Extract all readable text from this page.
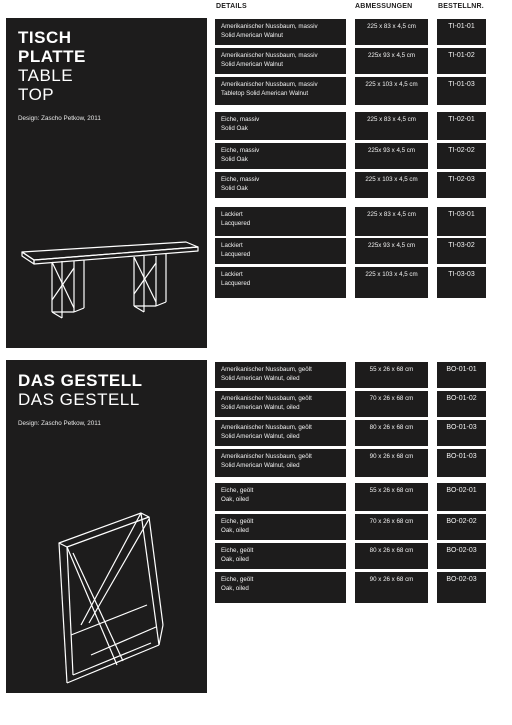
DETAILS	ABMESSUNGEN	BESTELLNR.
TISCH
PLATTE
TABLE
TOP
Design: Zascho Petkow, 2011
DAS GESTELL
DAS GESTELL
Design: Zascho Petkow, 2011
Amerikanischer Nussbaum, massiv
Solid American Walnut
225 x 83 x 4,5 cm	TI-01-01
Amerikanischer Nussbaum, massiv
Solid American Walnut
225x 93 x 4,5 cm	TI-01-02
Amerikanischer Nussbaum, massiv
Tabletop Solid American Walnut
225 x 103 x 4,5 cm	TI-01-03
Eiche, massiv
Solid Oak
225 x 83 x 4,5 cm	TI-02-01
Eiche, massiv
Solid Oak
225x 93 x 4,5 cm	TI-02-02
Eiche, massiv
Solid Oak
225 x 103 x 4,5 cm	TI-02-03
Lackiert
Lacquered
225 x 83 x 4,5 cm	TI-03-01
Lackiert
Lacquered
225x 93 x 4,5 cm	TI-03-02
Lackiert
Lacquered
225 x 103 x 4,5 cm	TI-03-03
Amerikanischer Nussbaum, geölt
Solid American Walnut, oiled
55 x 26 x 68 cm	BO-01-01
Amerikanischer Nussbaum, geölt
Solid American Walnut, oiled
70 x 26 x 68 cm	BO-01-02
Amerikanischer Nussbaum, geölt
Solid American Walnut, oiled
80 x 26 x 68 cm	BO-01-03
Amerikanischer Nussbaum, geölt
Solid American Walnut, oiled
90 x 26 x 68 cm	BO-01-03
Eiche, geölt
Oak, oiled
55 x 26 x 68 cm	BO-02-01
Eiche, geölt
Oak, oiled
70 x 26 x 68 cm	BO-02-02
Eiche, geölt
Oak, oiled
80 x 26 x 68 cm	BO-02-03
Eiche, geölt
Oak, oiled
90 x 26 x 68 cm	BO-02-03
